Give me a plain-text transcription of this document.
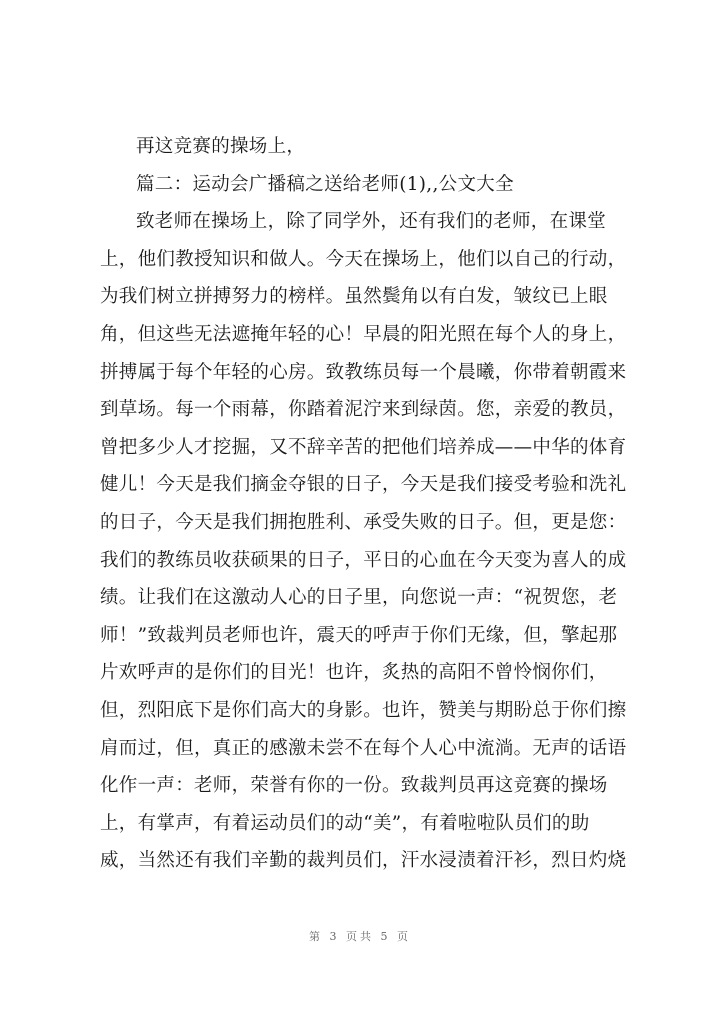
再这竞赛的操场上，
篇二：运动会广播稿之送给老师(1),,公文大全
致老师在操场上，除了同学外，还有我们的老师，在课堂
上，他们教授知识和做人。今天在操场上，他们以自己的行动，
为我们树立拼搏努力的榜样。虽然鬓角以有白发，皱纹已上眼
角，但这些无法遮掩年轻的心！早晨的阳光照在每个人的身上，
拼搏属于每个年轻的心房。致教练员每一个晨曦，你带着朝霞来
到草场。每一个雨幕，你踏着泥泞来到绿茵。您，亲爱的教员，
曾把多少人才挖掘，又不辞辛苦的把他们培养成——中华的体育
健儿！今天是我们摘金夺银的日子，今天是我们接受考验和洗礼
的日子，今天是我们拥抱胜利、承受失败的日子。但，更是您：
我们的教练员收获硕果的日子，平日的心血在今天变为喜人的成
绩。让我们在这激动人心的日子里，向您说一声：“祝贺您，老
师！”致裁判员老师也许，震天的呼声于你们无缘，但，擎起那
片欢呼声的是你们的目光！也许，炙热的高阳不曾怜悯你们，
但，烈阳底下是你们高大的身影。也许，赞美与期盼总于你们擦
肩而过，但，真正的感激未尝不在每个人心中流淌。无声的话语
化作一声：老师，荣誉有你的一份。致裁判员再这竞赛的操场
上，有掌声，有着运动员们的动“美”，有着啦啦队员们的助
威，当然还有我们辛勤的裁判员们，汗水浸渍着汗衫，烈日灼烧
第 3 页共 5 页
